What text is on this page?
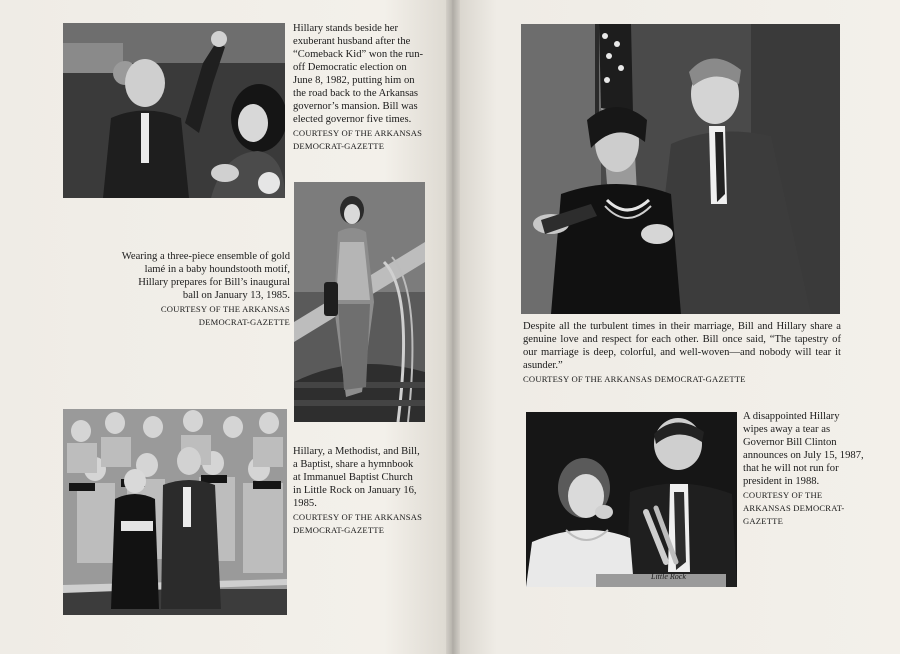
Hillary stands beside her exuberant husband after the “Comeback Kid” won the run-off Democratic election on June 8, 1982, putting him on the road back to the Arkansas governor’s mansion. Bill was elected governor five times.
COURTESY OF THE ARKANSAS DEMOCRAT-GAZETTE
Wearing a three-piece ensemble of gold lamé in a baby houndstooth motif, Hillary prepares for Bill’s inaugural ball on January 13, 1985.
COURTESY OF THE ARKANSAS DEMOCRAT-GAZETTE
Hillary, a Methodist, and Bill, a Baptist, share a hymnbook at Immanuel Baptist Church in Little Rock on January 16, 1985.
COURTESY OF THE ARKANSAS DEMOCRAT-GAZETTE
Despite all the turbulent times in their marriage, Bill and Hillary share a genuine love and respect for each other. Bill once said, “The tapestry of our marriage is deep, colorful, and well-woven—and nobody will tear it asunder.”
COURTESY OF THE ARKANSAS DEMOCRAT-GAZETTE
Little Rock
A disappointed Hillary wipes away a tear as Governor Bill Clinton announces on July 15, 1987, that he will not run for president in 1988.
COURTESY OF THE ARKANSAS DEMOCRAT-GAZETTE
